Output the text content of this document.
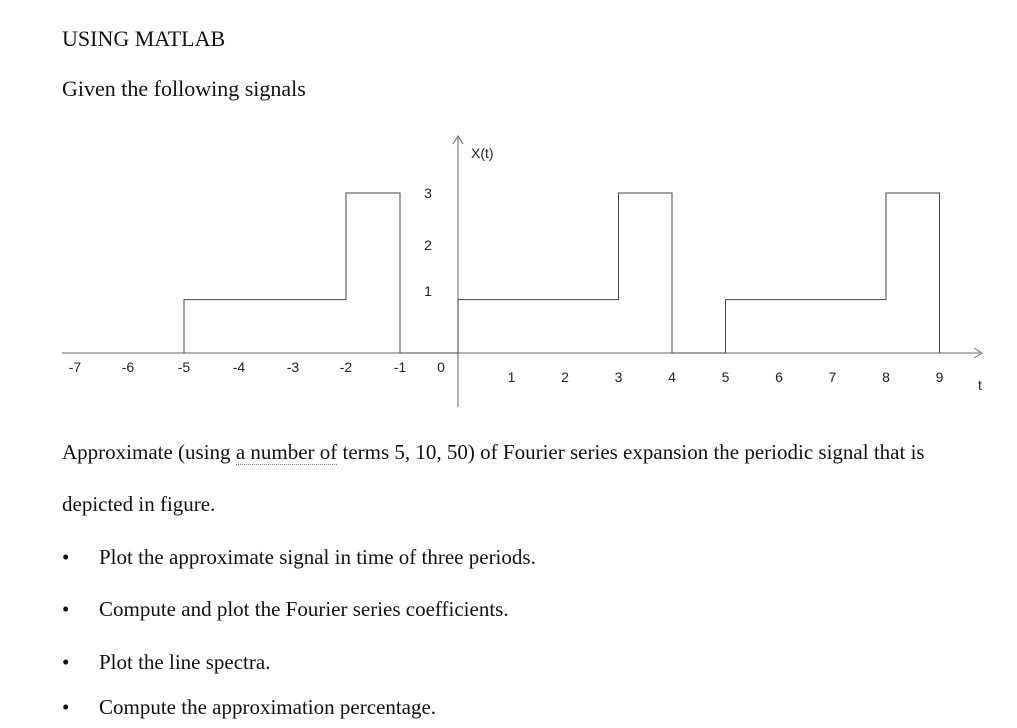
USING MATLAB

Given the following signals

-7	-6	-5	-4	-3	-2	-1 0
1	2	3	4	5	6	7	8	9
1
2
3
X(t)
t

Approximate (using a number of terms 5, 10, 50) of Fourier series expansion the periodic signal that is

depicted in figure.

• Plot the approximate signal in time of three periods.
• Compute and plot the Fourier series coefficients.
• Plot the line spectra.
• Compute the approximation percentage.
